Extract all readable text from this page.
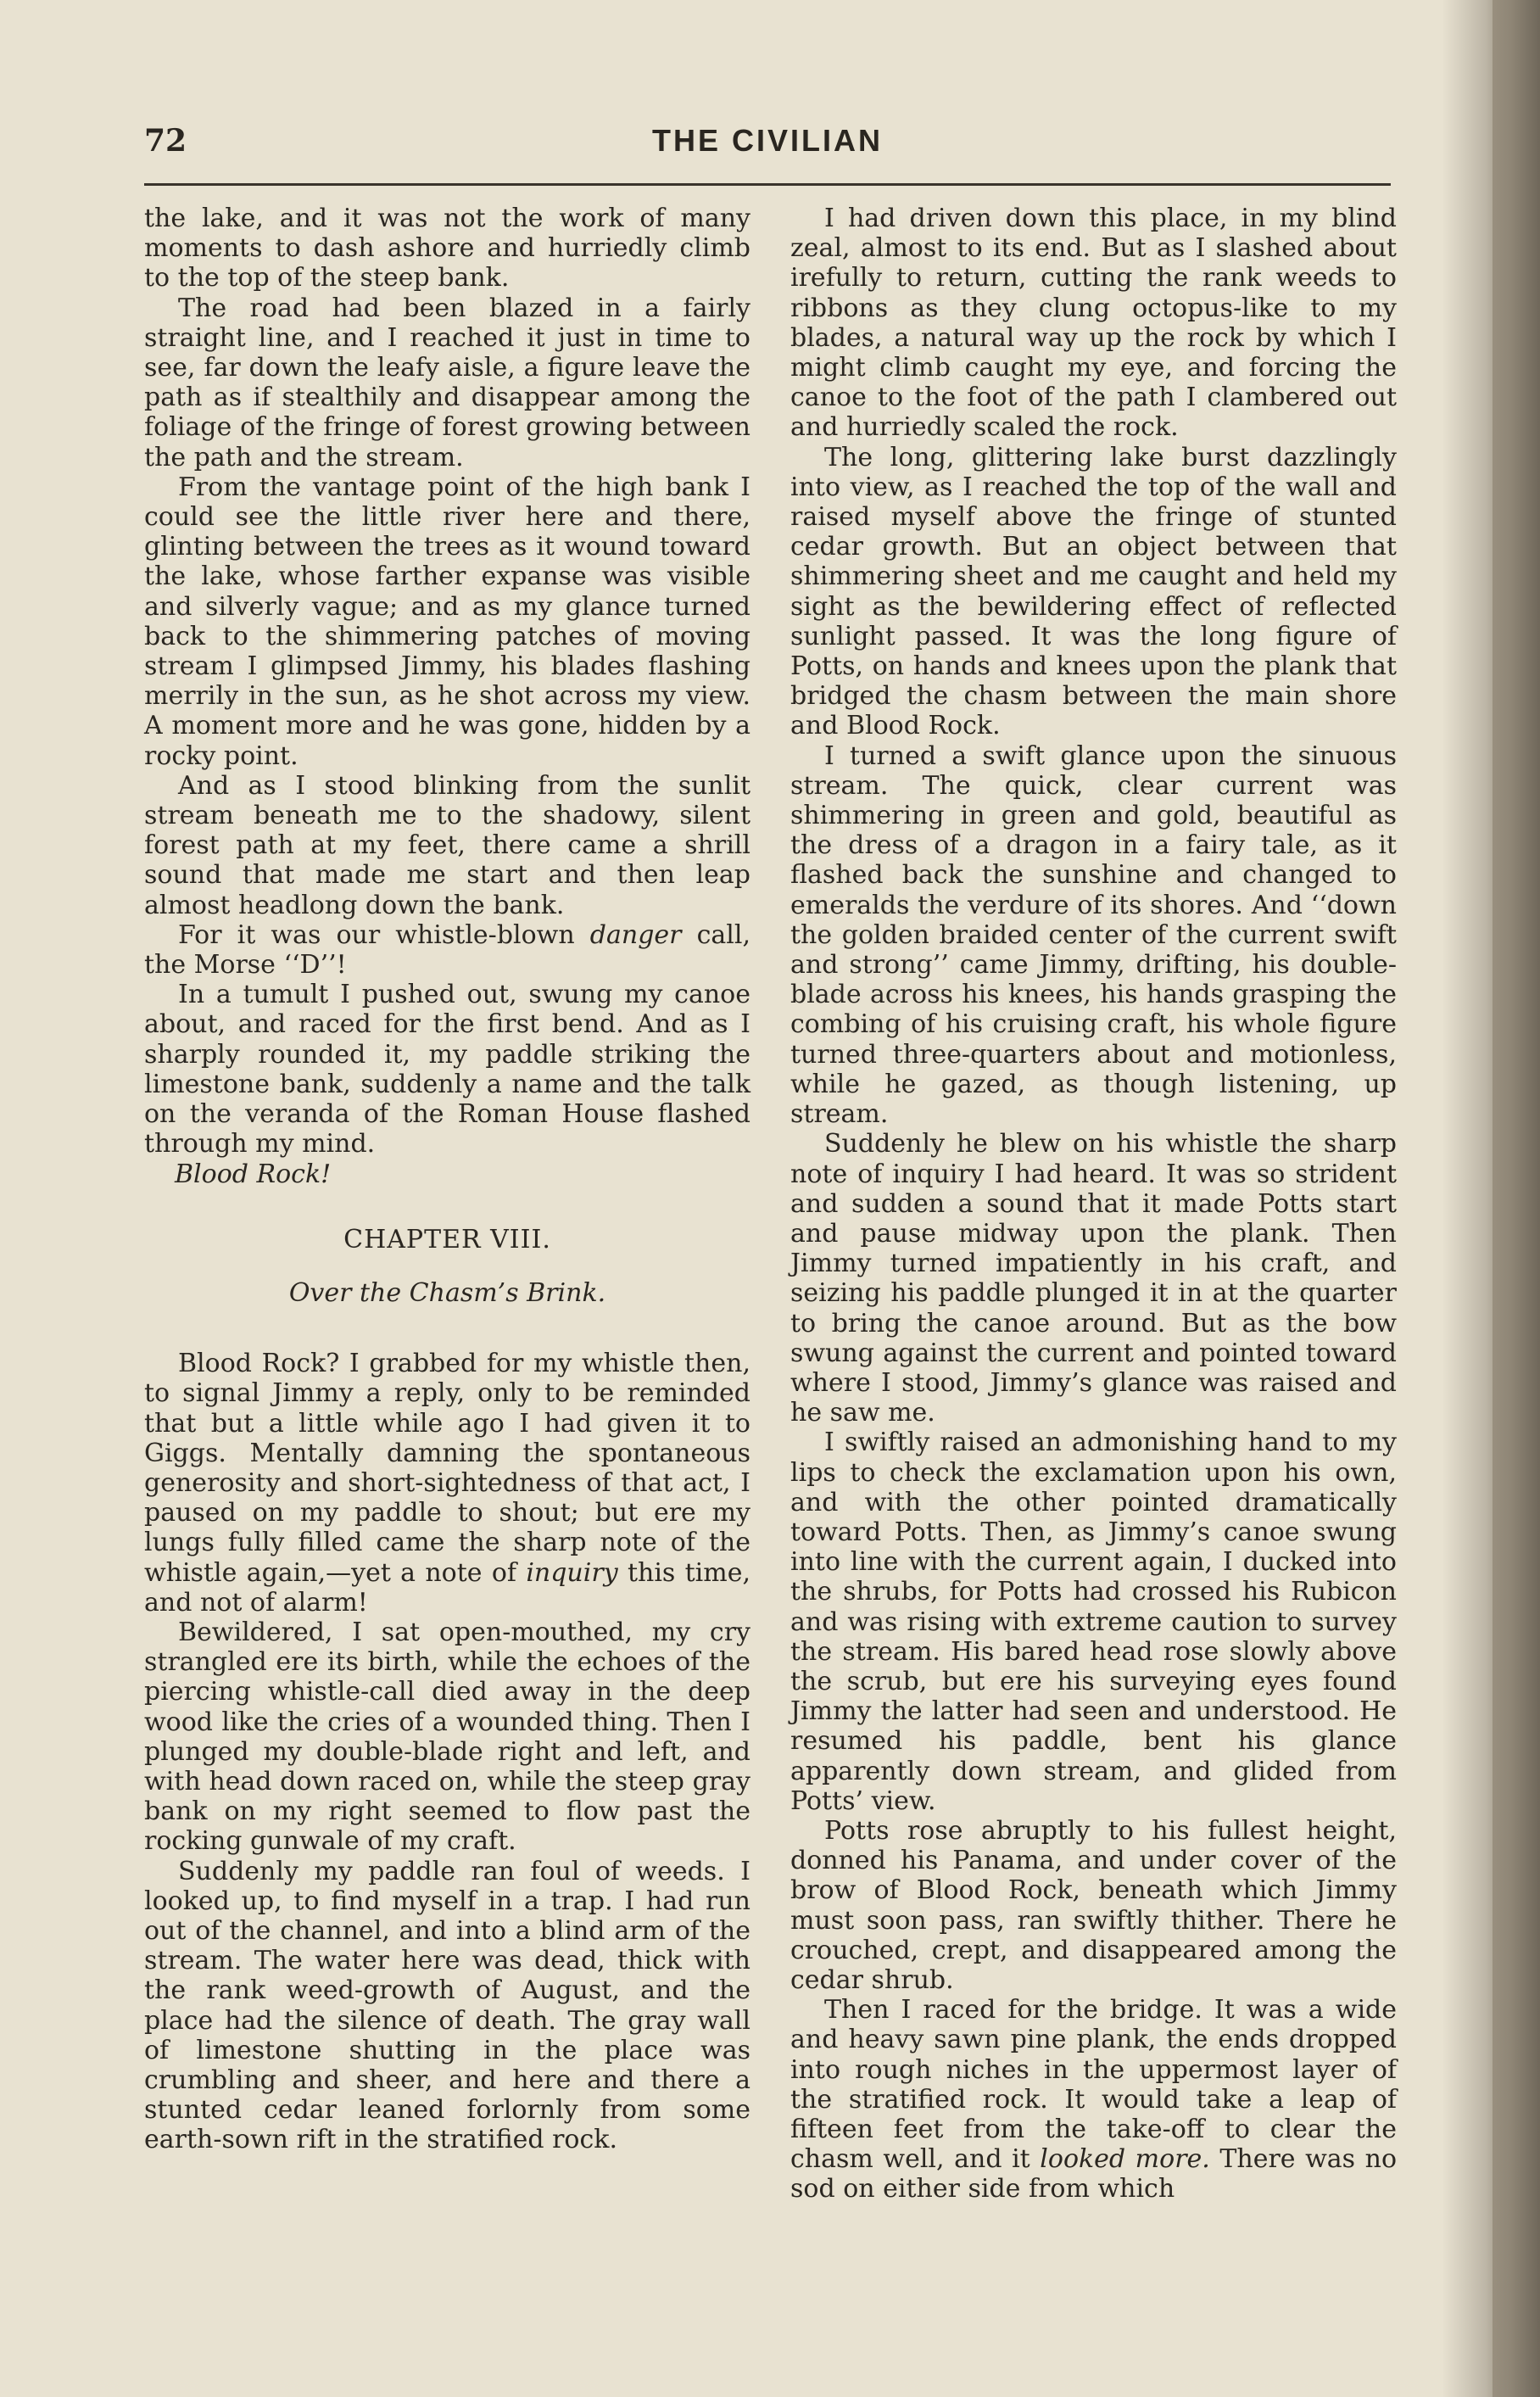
THE CIVILIAN
72

the lake, and it was not the work of many moments to dash ashore and hurriedly climb to the top of the steep bank.

The road had been blazed in a fairly straight line, and I reached it just in time to see, far down the leafy aisle, a figure leave the path as if stealthily and disappear among the foliage of the fringe of forest growing between the path and the stream.

From the vantage point of the high bank I could see the little river here and there, glinting between the trees as it wound toward the lake, whose farther expanse was visible and silverly vague; and as my glance turned back to the shimmering patches of moving stream I glimpsed Jimmy, his blades flashing merrily in the sun, as he shot across my view. A moment more and he was gone, hidden by a rocky point.

And as I stood blinking from the sunlit stream beneath me to the shadowy, silent forest path at my feet, there came a shrill sound that made me start and then leap almost headlong down the bank.

For it was our whistle-blown danger call, the Morse ‘‘D’’!

In a tumult I pushed out, swung my canoe about, and raced for the first bend. And as I sharply rounded it, my paddle striking the limestone bank, suddenly a name and the talk on the veranda of the Roman House flashed through my mind.

Blood Rock!

CHAPTER VIII.
Over the Chasm’s Brink.

Blood Rock? I grabbed for my whistle then, to signal Jimmy a reply, only to be reminded that but a little while ago I had given it to Giggs. Mentally damning the spontaneous generosity and short-sightedness of that act, I paused on my paddle to shout; but ere my lungs fully filled came the sharp note of the whistle again,—yet a note of inquiry this time, and not of alarm!

Bewildered, I sat open-mouthed, my cry strangled ere its birth, while the echoes of the piercing whistle-call died away in the deep wood like the cries of a wounded thing. Then I plunged my double-blade right and left, and with head down raced on, while the steep gray bank on my right seemed to flow past the rocking gunwale of my craft.

Suddenly my paddle ran foul of weeds. I looked up, to find myself in a trap. I had run out of the channel, and into a blind arm of the stream. The water here was dead, thick with the rank weed-growth of August, and the place had the silence of death. The gray wall of limestone shutting in the place was crumbling and sheer, and here and there a stunted cedar leaned forlornly from some earth-sown rift in the stratified rock.

I had driven down this place, in my blind zeal, almost to its end. But as I slashed about irefully to return, cutting the rank weeds to ribbons as they clung octopus-like to my blades, a natural way up the rock by which I might climb caught my eye, and forcing the canoe to the foot of the path I clambered out and hurriedly scaled the rock.

The long, glittering lake burst dazzlingly into view, as I reached the top of the wall and raised myself above the fringe of stunted cedar growth. But an object between that shimmering sheet and me caught and held my sight as the bewildering effect of reflected sunlight passed. It was the long figure of Potts, on hands and knees upon the plank that bridged the chasm between the main shore and Blood Rock.

I turned a swift glance upon the sinuous stream. The quick, clear current was shimmering in green and gold, beautiful as the dress of a dragon in a fairy tale, as it flashed back the sunshine and changed to emeralds the verdure of its shores. And ‘‘down the golden braided center of the current swift and strong’’ came Jimmy, drifting, his double-blade across his knees, his hands grasping the combing of his cruising craft, his whole figure turned three-quarters about and motionless, while he gazed, as though listening, up stream.

Suddenly he blew on his whistle the sharp note of inquiry I had heard. It was so strident and sudden a sound that it made Potts start and pause midway upon the plank. Then Jimmy turned impatiently in his craft, and seizing his paddle plunged it in at the quarter to bring the canoe around. But as the bow swung against the current and pointed toward where I stood, Jimmy’s glance was raised and he saw me.

I swiftly raised an admonishing hand to my lips to check the exclamation upon his own, and with the other pointed dramatically toward Potts. Then, as Jimmy’s canoe swung into line with the current again, I ducked into the shrubs, for Potts had crossed his Rubicon and was rising with extreme caution to survey the stream. His bared head rose slowly above the scrub, but ere his surveying eyes found Jimmy the latter had seen and understood. He resumed his paddle, bent his glance apparently down stream, and glided from Potts’ view.

Potts rose abruptly to his fullest height, donned his Panama, and under cover of the brow of Blood Rock, beneath which Jimmy must soon pass, ran swiftly thither. There he crouched, crept, and disappeared among the cedar shrub.

Then I raced for the bridge. It was a wide and heavy sawn pine plank, the ends dropped into rough niches in the uppermost layer of the stratified rock. It would take a leap of fifteen feet from the take-off to clear the chasm well, and it looked more. There was no sod on either side from which
